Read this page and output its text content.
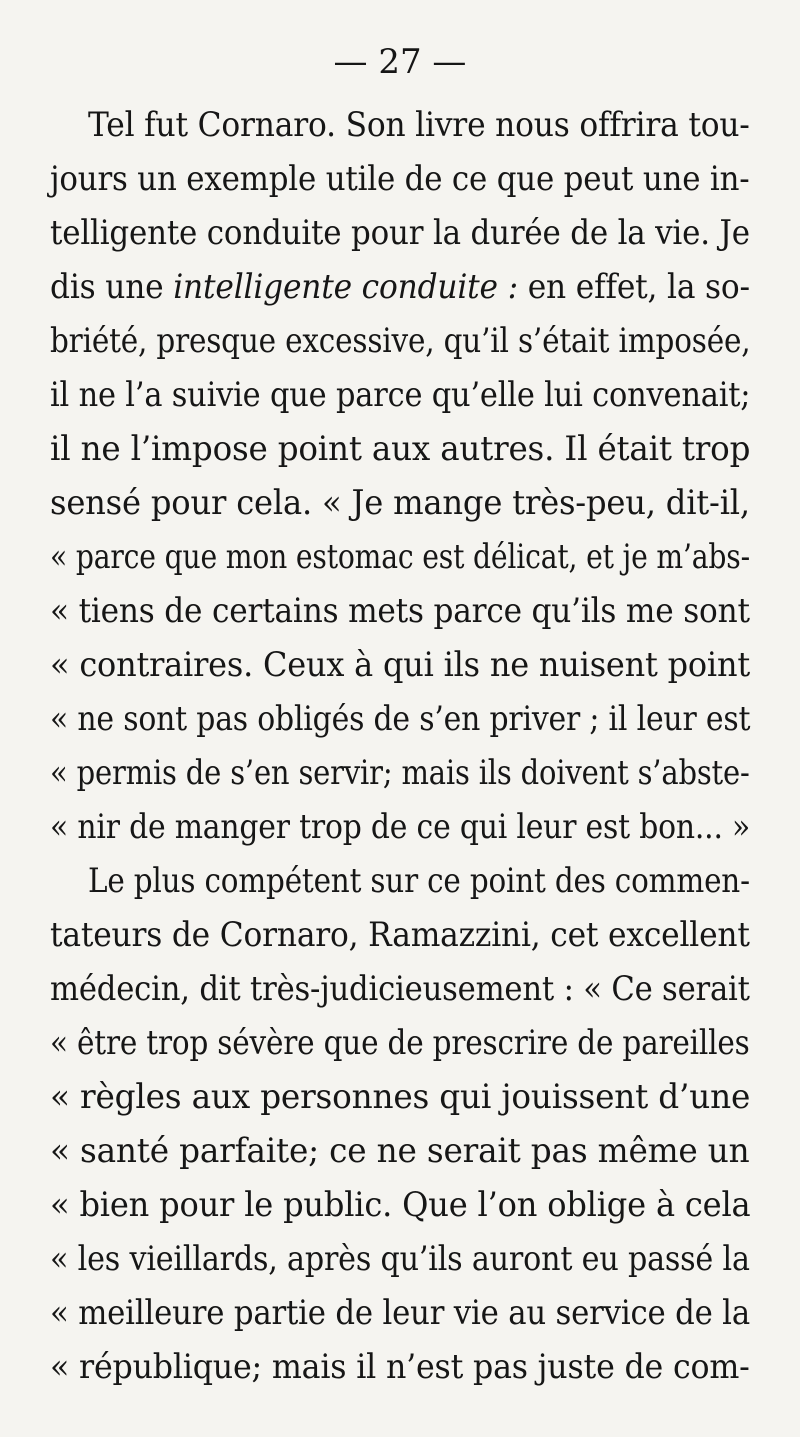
— 27 —
Tel fut Cornaro. Son livre nous offrira tou-
jours un exemple utile de ce que peut une in-
telligente conduite pour la durée de la vie. Je
dis une intelligente conduite : en effet, la so-
briété, presque excessive, qu’il s’était imposée,
il ne l’a suivie que parce qu’elle lui convenait;
il ne l’impose point aux autres. Il était trop
sensé pour cela. « Je mange très-peu, dit-il,
« parce que mon estomac est délicat, et je m’abs-
« tiens de certains mets parce qu’ils me sont
« contraires. Ceux à qui ils ne nuisent point
« ne sont pas obligés de s’en priver ; il leur est
« permis de s’en servir; mais ils doivent s’abste-
« nir de manger trop de ce qui leur est bon... »
Le plus compétent sur ce point des commen-
tateurs de Cornaro, Ramazzini, cet excellent
médecin, dit très-judicieusement : « Ce serait
« être trop sévère que de prescrire de pareilles
« règles aux personnes qui jouissent d’une
« santé parfaite; ce ne serait pas même un
« bien pour le public. Que l’on oblige à cela
« les vieillards, après qu’ils auront eu passé la
« meilleure partie de leur vie au service de la
« république; mais il n’est pas juste de com-
